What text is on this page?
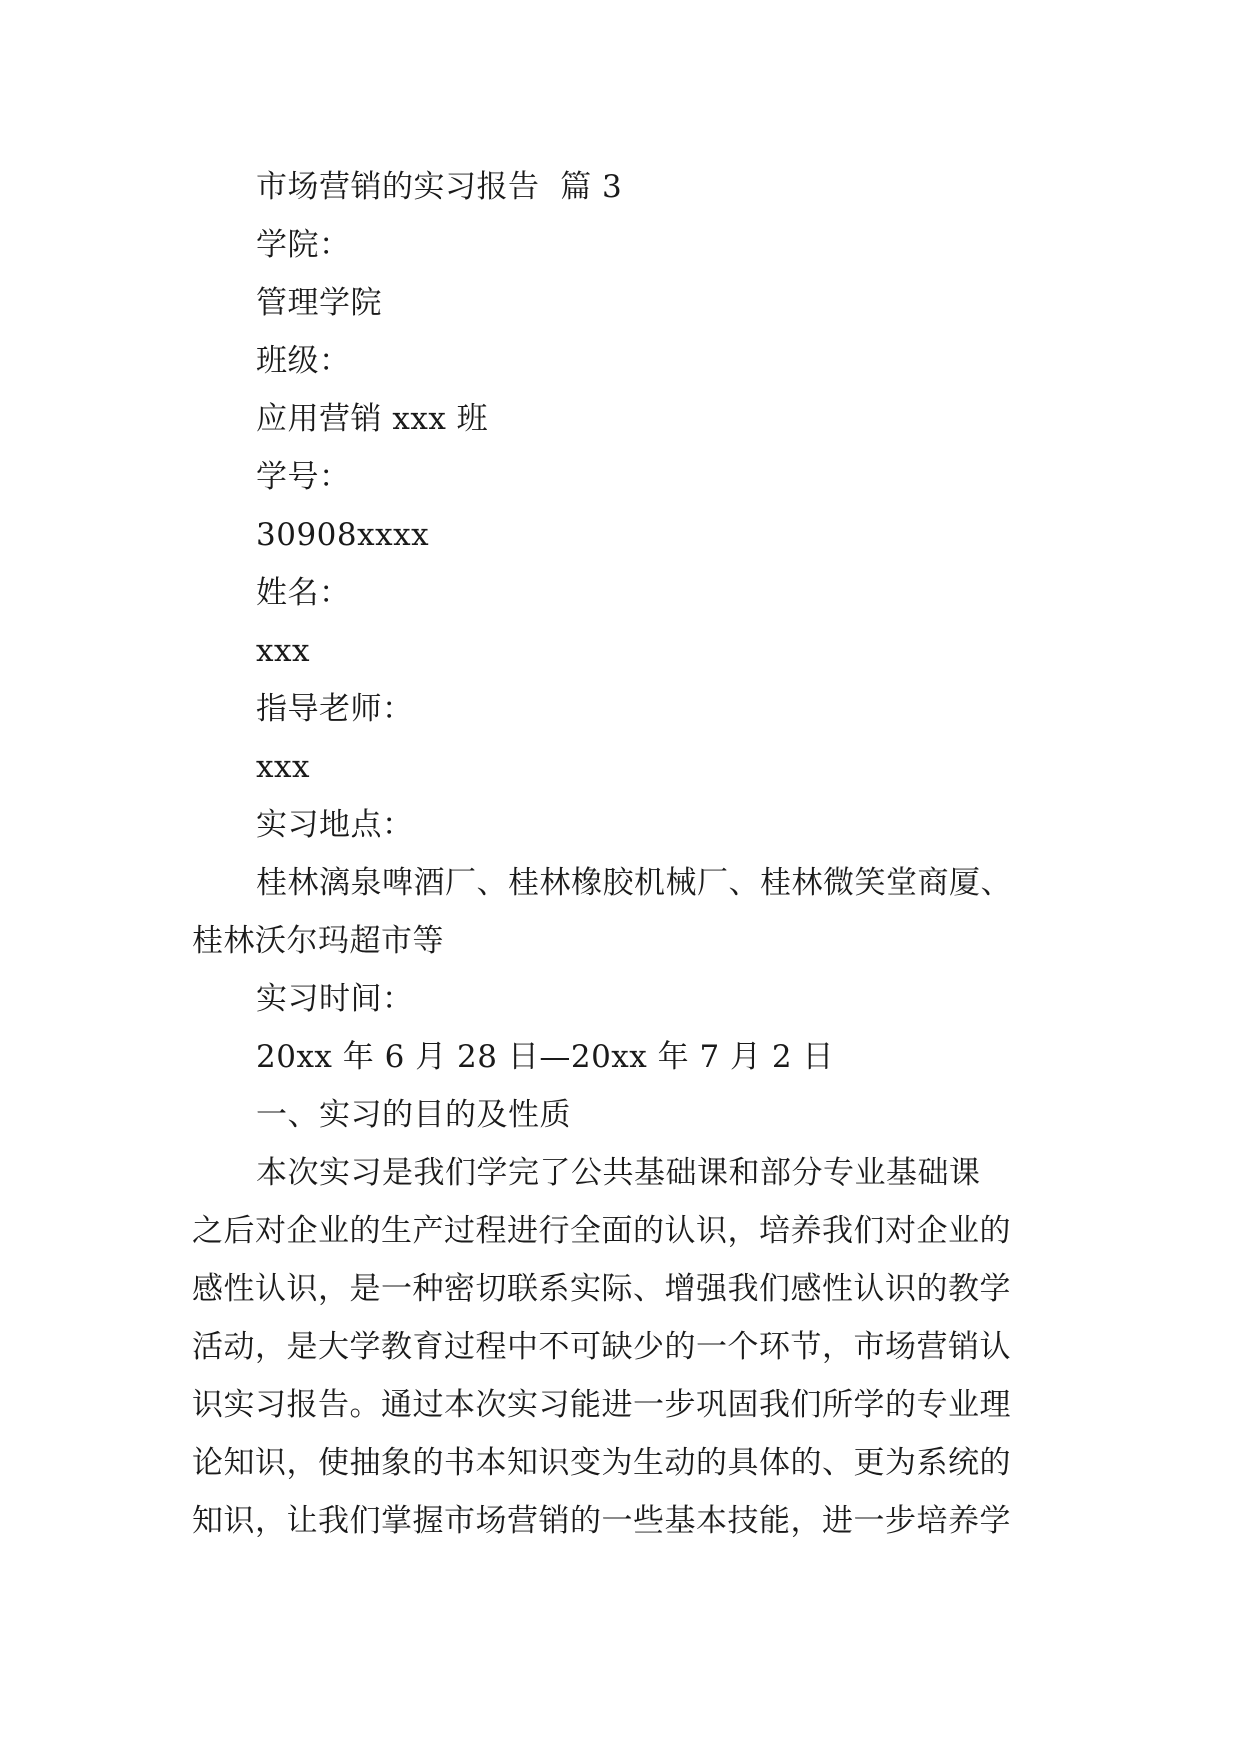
市场营销的实习报告  篇 3
学院：
管理学院
班级：
应用营销 xxx 班
学号：
30908xxxx
姓名：
xxx
指导老师：
xxx
实习地点：
桂林漓泉啤酒厂、桂林橡胶机械厂、桂林微笑堂商厦、
桂林沃尔玛超市等
实习时间：
20xx 年 6 月 28 日—20xx 年 7 月 2 日
一、实习的目的及性质
本次实习是我们学完了公共基础课和部分专业基础课
之后对企业的生产过程进行全面的认识，培养我们对企业的
感性认识，是一种密切联系实际、增强我们感性认识的教学
活动，是大学教育过程中不可缺少的一个环节，市场营销认
识实习报告。通过本次实习能进一步巩固我们所学的专业理
论知识，使抽象的书本知识变为生动的具体的、更为系统的
知识，让我们掌握市场营销的一些基本技能，进一步培养学
